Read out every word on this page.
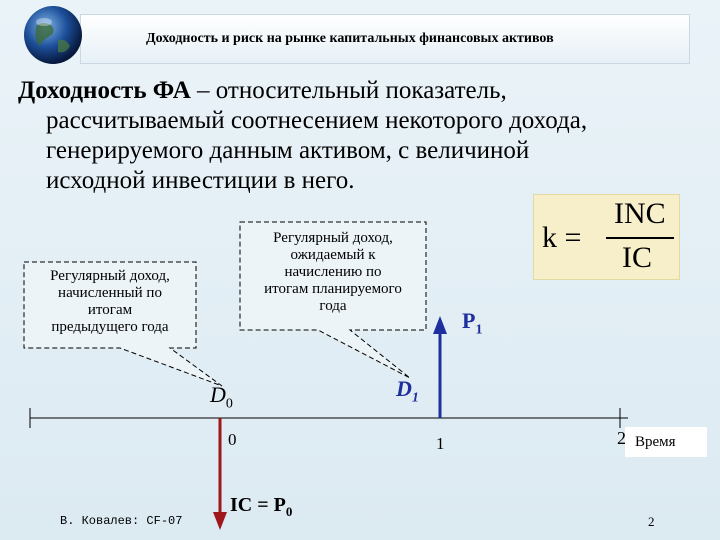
Доходность и риск на рынке капитальных финансовых активов
Доходность ФА – относительный показатель,
рассчитываемый соотнесением некоторого дохода,
генерируемого данным активом, с величиной
исходной инвестиции в него.
k =
INC
IC
Регулярный доход,
начисленный по
итогам
предыдущего года
Регулярный доход,
ожидаемый к
начислению по
итогам планируемого
года
$D_0$
$D_1$
$P_1$
0	1	2 Время
IC = $P_0$
В. Ковалев: CF-07	2
